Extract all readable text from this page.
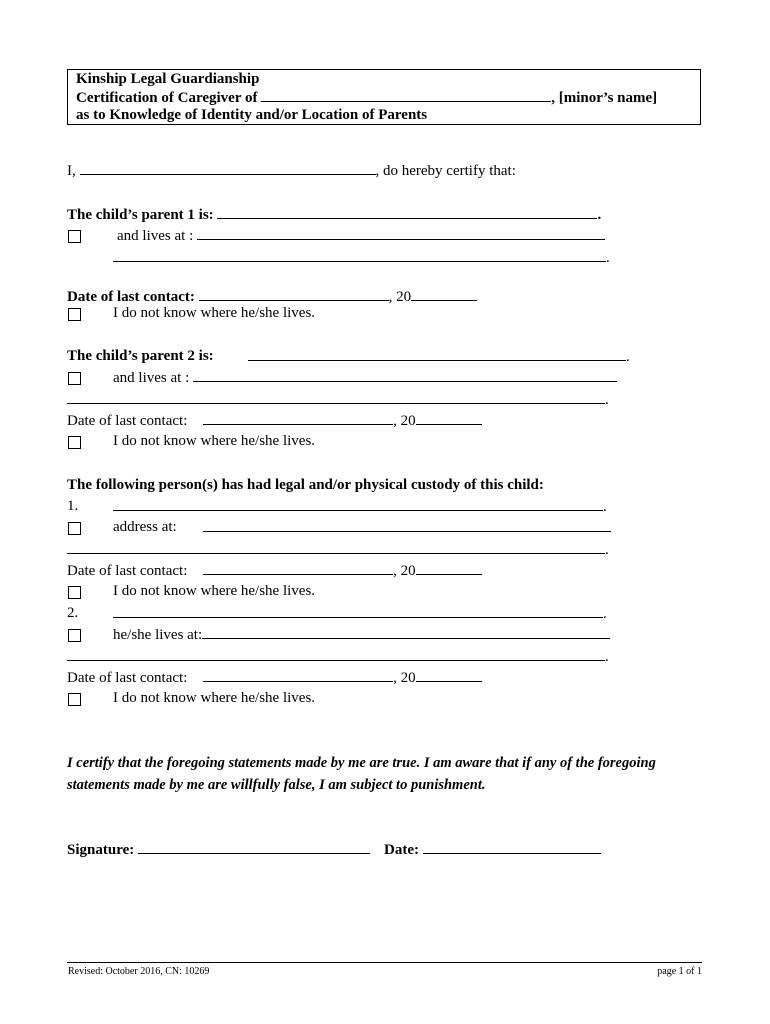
Kinship Legal Guardianship
Certification of Caregiver of	, [minor’s name]
as to Knowledge of Identity and/or Location of Parents
I,	, do hereby certify that:
The child’s parent 1 is:	.
and lives at :
.
Date of last contact:	, 20
I do not know where he/she lives.
The child’s parent 2 is:	.
and lives at :
.
Date of last contact:	, 20
I do not know where he/she lives.
The following person(s) has had legal and/or physical custody of this child:
1.	.
address at:
.
Date of last contact:	, 20
I do not know where he/she lives.
2.	.
he/she lives at:
.
Date of last contact:	, 20
I do not know where he/she lives.
I certify that the foregoing statements made by me are true. I am aware that if any of the foregoing
statements made by me are willfully false, I am subject to punishment.
Signature:	Date:
Revised: October 2016, CN: 10269	page 1 of 1
